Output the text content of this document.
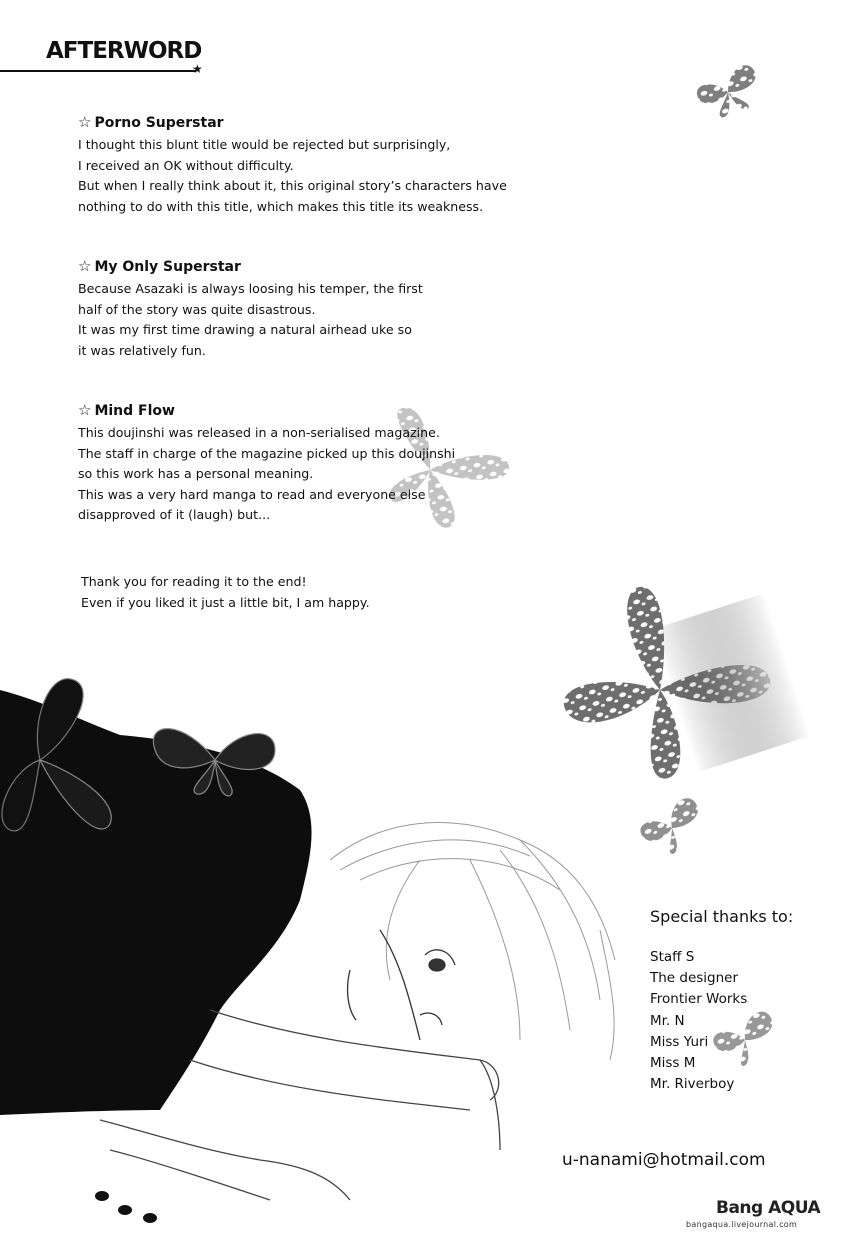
AFTERWORD
★
☆ Porno Superstar
I thought this blunt title would be rejected but surprisingly,
I received an OK without difficulty.
But when I really think about it, this original story’s characters have
nothing to do with this title, which makes this title its weakness.
☆ My Only Superstar
Because Asazaki is always loosing his temper, the first
half of the story was quite disastrous.
It was my first time drawing a natural airhead uke so
it was relatively fun.
☆ Mind Flow
This doujinshi was released in a non-serialised magazine.
The staff in charge of the magazine picked up this doujinshi
so this work has a personal meaning.
This was a very hard manga to read and everyone else
disapproved of it (laugh) but...
Thank you for reading it to the end!
Even if you liked it just a little bit, I am happy.
Special thanks to:
Staff S
The designer
Frontier Works
Mr. N
Miss Yuri
Miss M
Mr. Riverboy
u-nanami@hotmail.com
Bang AQUA
bangaqua.livejournal.com
